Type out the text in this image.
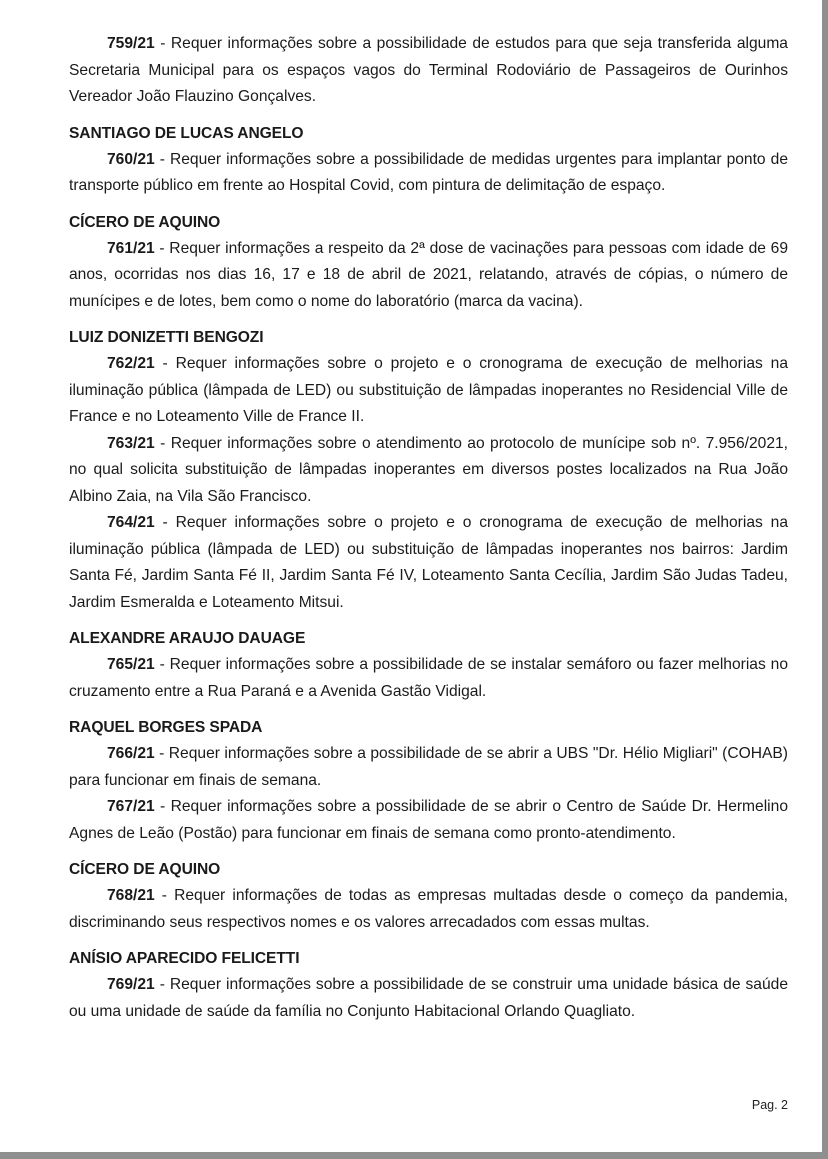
759/21 - Requer informações sobre a possibilidade de estudos para que seja transferida alguma Secretaria Municipal para os espaços vagos do Terminal Rodoviário de Passageiros de Ourinhos Vereador João Flauzino Gonçalves.

SANTIAGO DE LUCAS ANGELO

760/21 - Requer informações sobre a possibilidade de medidas urgentes para implantar ponto de transporte público em frente ao Hospital Covid, com pintura de delimitação de espaço.

CÍCERO DE AQUINO

761/21 - Requer informações a respeito da 2ª dose de vacinações para pessoas com idade de 69 anos, ocorridas nos dias 16, 17 e 18 de abril de 2021, relatando, através de cópias, o número de munícipes e de lotes, bem como o nome do laboratório (marca da vacina).

LUIZ DONIZETTI BENGOZI

762/21 - Requer informações sobre o projeto e o cronograma de execução de melhorias na iluminação pública (lâmpada de LED) ou substituição de lâmpadas inoperantes no Residencial Ville de France e no Loteamento Ville de France II.

763/21 - Requer informações sobre o atendimento ao protocolo de munícipe sob nº. 7.956/2021, no qual solicita substituição de lâmpadas inoperantes em diversos postes localizados na Rua João Albino Zaia, na Vila São Francisco.

764/21 - Requer informações sobre o projeto e o cronograma de execução de melhorias na iluminação pública (lâmpada de LED) ou substituição de lâmpadas inoperantes nos bairros: Jardim Santa Fé, Jardim Santa Fé II, Jardim Santa Fé IV, Loteamento Santa Cecília, Jardim São Judas Tadeu, Jardim Esmeralda e Loteamento Mitsui.

ALEXANDRE ARAUJO DAUAGE

765/21 - Requer informações sobre a possibilidade de se instalar semáforo ou fazer melhorias no cruzamento entre a Rua Paraná e a Avenida Gastão Vidigal.

RAQUEL BORGES SPADA

766/21 - Requer informações sobre a possibilidade de se abrir a UBS "Dr. Hélio Migliari" (COHAB) para funcionar em finais de semana.

767/21 - Requer informações sobre a possibilidade de se abrir o Centro de Saúde Dr. Hermelino Agnes de Leão (Postão) para funcionar em finais de semana como pronto-atendimento.

CÍCERO DE AQUINO

768/21 - Requer informações de todas as empresas multadas desde o começo da pandemia, discriminando seus respectivos nomes e os valores arrecadados com essas multas.

ANÍSIO APARECIDO FELICETTI

769/21 - Requer informações sobre a possibilidade de se construir uma unidade básica de saúde ou uma unidade de saúde da família no Conjunto Habitacional Orlando Quagliato.

Pag. 2
